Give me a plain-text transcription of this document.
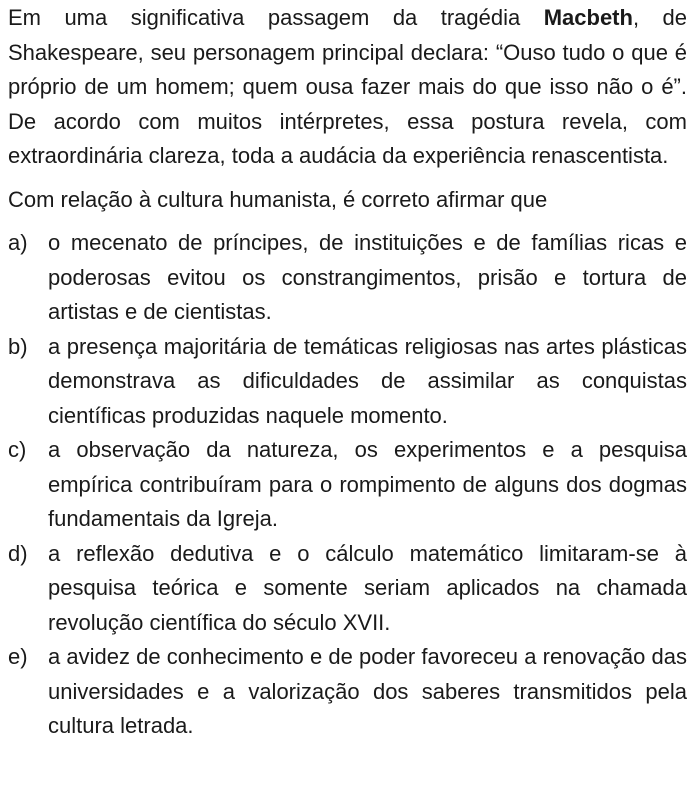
Em uma significativa passagem da tragédia Macbeth, de Shakespeare, seu personagem principal declara: “Ouso tudo o que é próprio de um homem; quem ousa fazer mais do que isso não o é”. De acordo com muitos intérpretes, essa postura revela, com extraordinária clareza, toda a audácia da experiência renascentista.

Com relação à cultura humanista, é correto afirmar que

a) o mecenato de príncipes, de instituições e de famílias ricas e poderosas evitou os constrangimentos, prisão e tortura de artistas e de cientistas.
b) a presença majoritária de temáticas religiosas nas artes plásticas demonstrava as dificuldades de assimilar as conquistas científicas produzidas naquele momento.
c) a observação da natureza, os experimentos e a pesquisa empírica contribuíram para o rompimento de alguns dos dogmas fundamentais da Igreja.
d) a reflexão dedutiva e o cálculo matemático limitaram-se à pesquisa teórica e somente seriam aplicados na chamada revolução científica do século XVII.
e) a avidez de conhecimento e de poder favoreceu a renovação das universidades e a valorização dos saberes transmitidos pela cultura letrada.
